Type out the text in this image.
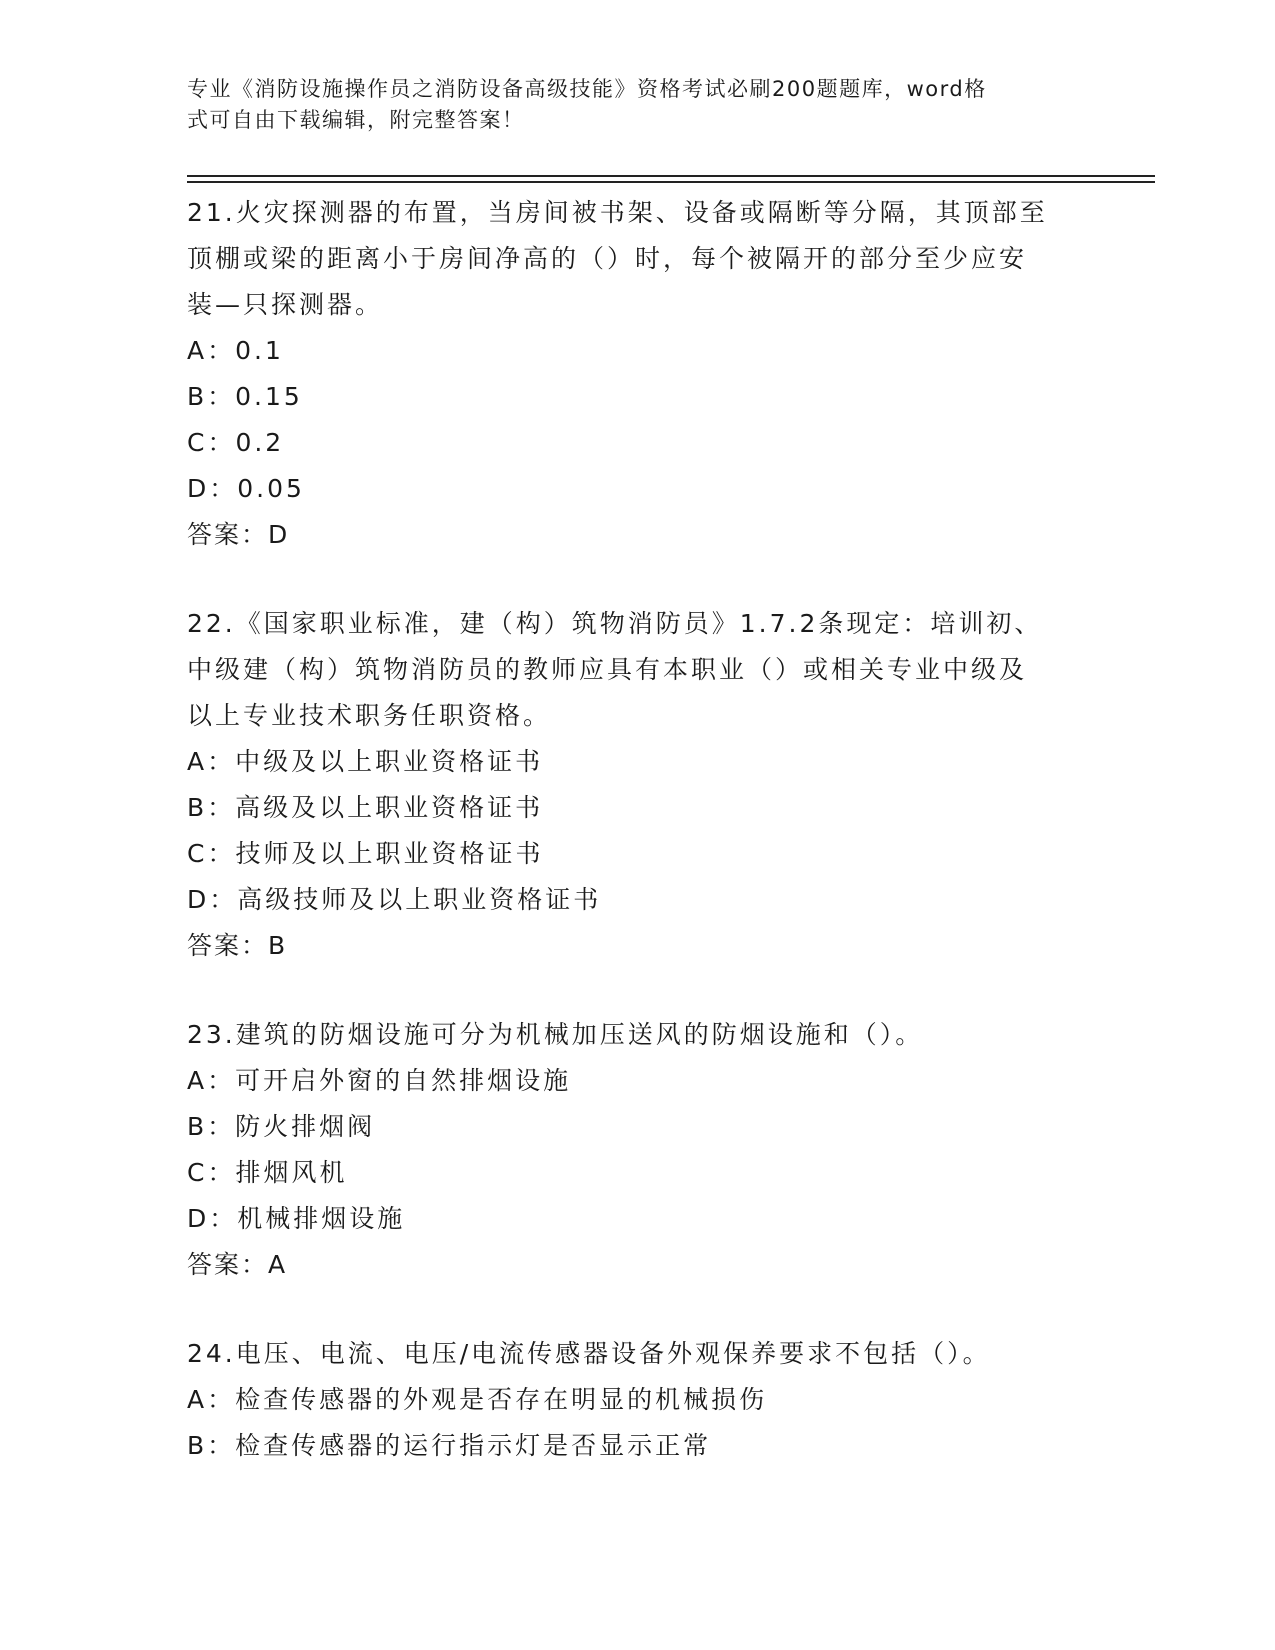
专业《消防设施操作员之消防设备高级技能》资格考试必刷200题题库，word格
式可自由下载编辑，附完整答案！
21.火灾探测器的布置，当房间被书架、设备或隔断等分隔，其顶部至
顶棚或梁的距离小于房间净高的（）时，每个被隔开的部分至少应安
装—只探测器。
A：0.1
B：0.15
C：0.2
D：0.05
答案：D
22.《国家职业标准，建（构）筑物消防员》1.7.2条现定：培训初、
中级建（构）筑物消防员的教师应具有本职业（）或相关专业中级及
以上专业技术职务任职资格。
A：中级及以上职业资格证书
B：高级及以上职业资格证书
C：技师及以上职业资格证书
D：高级技师及以上职业资格证书
答案：B
23.建筑的防烟设施可分为机械加压送风的防烟设施和（）。
A：可开启外窗的自然排烟设施
B：防火排烟阀
C：排烟风机
D：机械排烟设施
答案：A
24.电压、电流、电压/电流传感器设备外观保养要求不包括（）。
A：检查传感器的外观是否存在明显的机械损伤
B：检查传感器的运行指示灯是否显示正常
